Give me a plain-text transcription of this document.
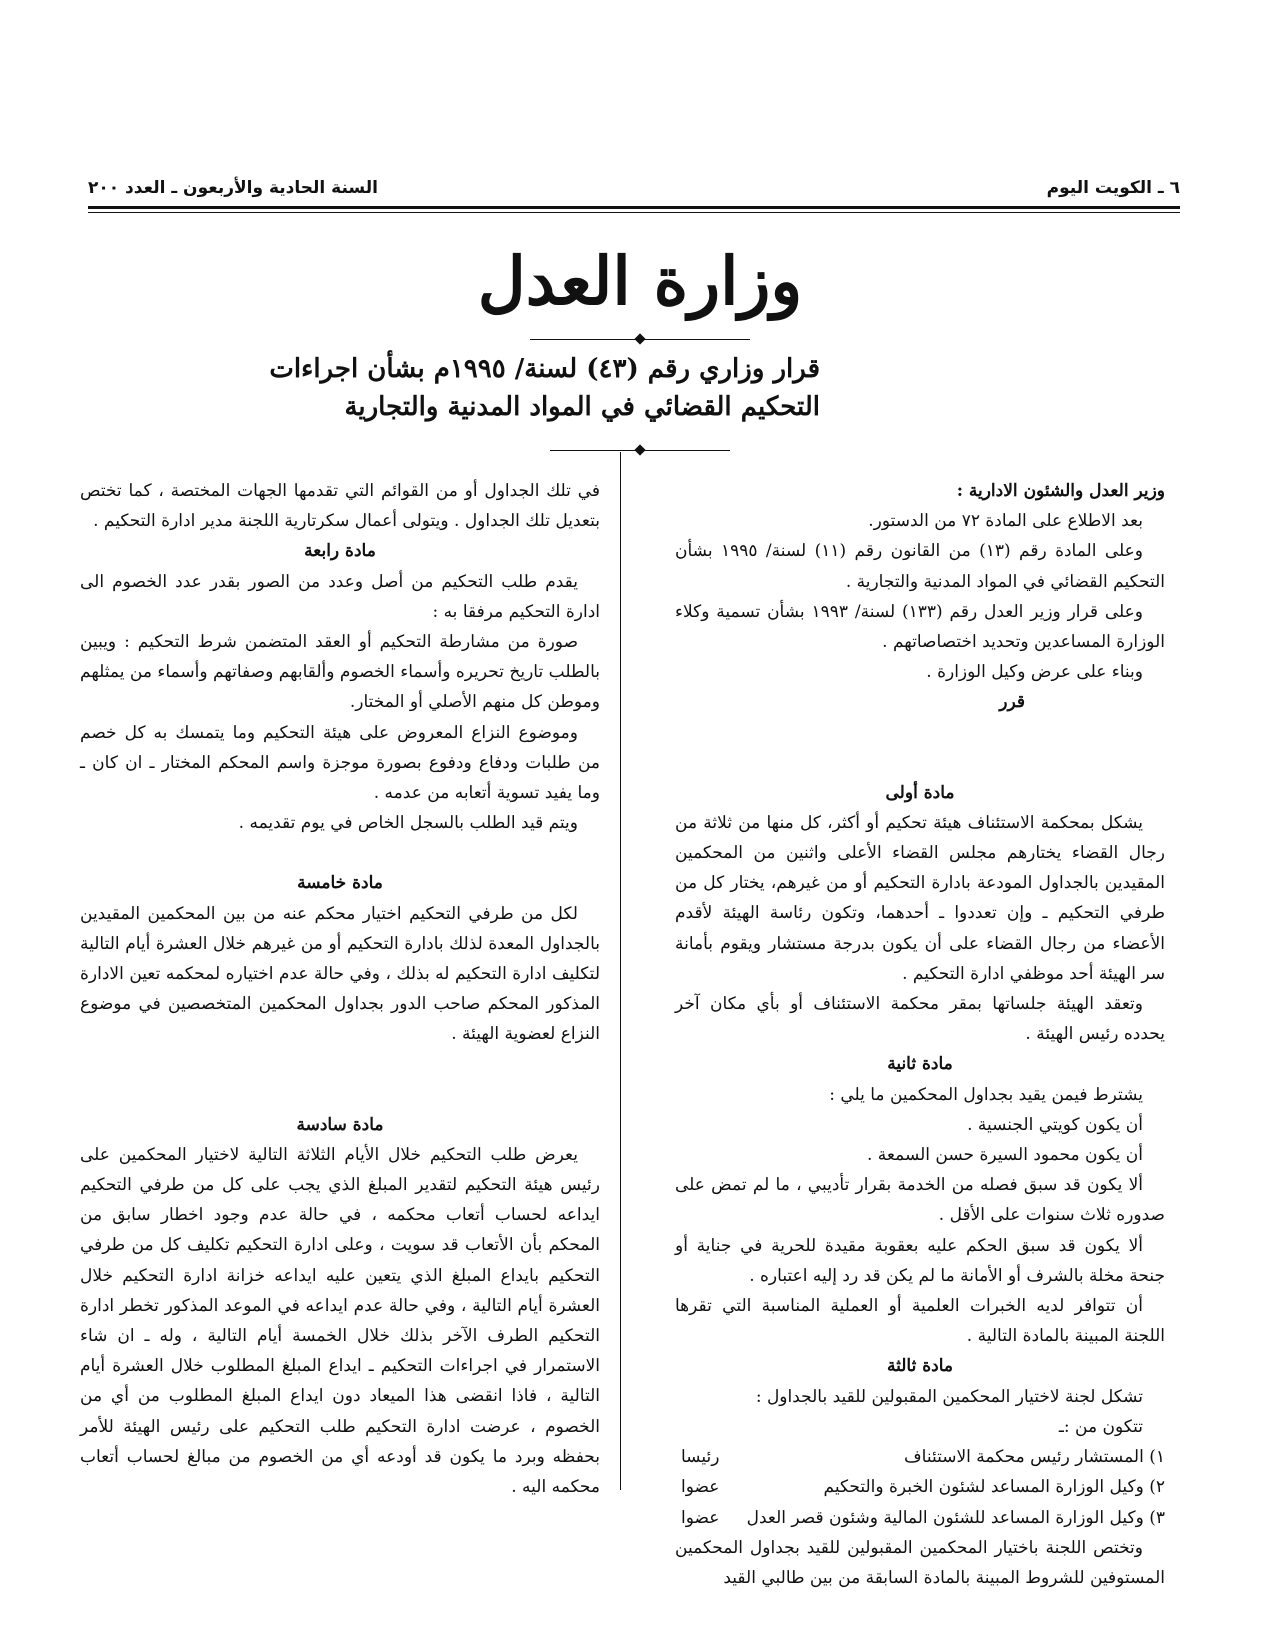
٦ ـ الكويت اليوم
السنة الحادية والأربعون ـ العدد ٢٠٠
وزارة العدل
قرار وزاري رقم (٤٣) لسنة/ ١٩٩٥م بشأن اجراءات
التحكيم القضائي في المواد المدنية والتجارية

وزير العدل والشئون الادارية :

بعد الاطلاع على المادة ٧٢ من الدستور.

وعلى المادة رقم (١٣) من القانون رقم (١١) لسنة/ ١٩٩٥ بشأن التحكيم القضائي في المواد المدنية والتجارية .

وعلى قرار وزير العدل رقم (١٣٣) لسنة/ ١٩٩٣ بشأن تسمية وكلاء الوزارة المساعدين وتحديد اختصاصاتهم .

وبناء على عرض وكيل الوزارة .

قرر

مادة أولى

يشكل بمحكمة الاستئناف هيئة تحكيم أو أكثر، كل منها من ثلاثة من رجال القضاء يختارهم مجلس القضاء الأعلى واثنين من المحكمين المقيدين بالجداول المودعة بادارة التحكيم أو من غيرهم، يختار كل من طرفي التحكيم ـ وإن تعددوا ـ أحدهما، وتكون رئاسة الهيئة لأقدم الأعضاء من رجال القضاء على أن يكون بدرجة مستشار ويقوم بأمانة سر الهيئة أحد موظفي ادارة التحكيم .

وتعقد الهيئة جلساتها بمقر محكمة الاستئناف أو بأي مكان آخر يحدده رئيس الهيئة .

مادة ثانية

يشترط فيمن يقيد بجداول المحكمين ما يلي :

أن يكون كويتي الجنسية .

أن يكون محمود السيرة حسن السمعة .

ألا يكون قد سبق فصله من الخدمة بقرار تأديبي ، ما لم تمض على صدوره ثلاث سنوات على الأقل .

ألا يكون قد سبق الحكم عليه بعقوبة مقيدة للحرية في جناية أو جنحة مخلة بالشرف أو الأمانة ما لم يكن قد رد إليه اعتباره .

أن تتوافر لديه الخبرات العلمية أو العملية المناسبة التي تقرها اللجنة المبينة بالمادة التالية .

مادة ثالثة

تشكل لجنة لاختيار المحكمين المقبولين للقيد بالجداول :

تتكون من :ـ

١) المستشار رئيس محكمة الاستئناف
رئيسا
٢) وكيل الوزارة المساعد لشئون الخبرة والتحكيم
عضوا
٣) وكيل الوزارة المساعد للشئون المالية وشئون قصر العدل
عضوا

وتختص اللجنة باختيار المحكمين المقبولين للقيد بجداول المحكمين المستوفين للشروط المبينة بالمادة السابقة من بين طالبي القيد

في تلك الجداول أو من القوائم التي تقدمها الجهات المختصة ، كما تختص بتعديل تلك الجداول . ويتولى أعمال سكرتارية اللجنة مدير ادارة التحكيم .

مادة رابعة

يقدم طلب التحكيم من أصل وعدد من الصور بقدر عدد الخصوم الى ادارة التحكيم مرفقا به :

صورة من مشارطة التحكيم أو العقد المتضمن شرط التحكيم : ويبين بالطلب تاريخ تحريره وأسماء الخصوم وألقابهم وصفاتهم وأسماء من يمثلهم وموطن كل منهم الأصلي أو المختار.

وموضوع النزاع المعروض على هيئة التحكيم وما يتمسك به كل خصم من طلبات ودفاع ودفوع بصورة موجزة واسم المحكم المختار ـ ان كان ـ وما يفيد تسوية أتعابه من عدمه .

ويتم قيد الطلب بالسجل الخاص في يوم تقديمه .

مادة خامسة

لكل من طرفي التحكيم اختيار محكم عنه من بين المحكمين المقيدين بالجداول المعدة لذلك بادارة التحكيم أو من غيرهم خلال العشرة أيام التالية لتكليف ادارة التحكيم له بذلك ، وفي حالة عدم اختياره لمحكمه تعين الادارة المذكور المحكم صاحب الدور بجداول المحكمين المتخصصين في موضوع النزاع لعضوية الهيئة .

مادة سادسة

يعرض طلب التحكيم خلال الأيام الثلاثة التالية لاختيار المحكمين على رئيس هيئة التحكيم لتقدير المبلغ الذي يجب على كل من طرفي التحكيم ايداعه لحساب أتعاب محكمه ، في حالة عدم وجود اخطار سابق من المحكم بأن الأتعاب قد سويت ، وعلى ادارة التحكيم تكليف كل من طرفي التحكيم بايداع المبلغ الذي يتعين عليه ايداعه خزانة ادارة التحكيم خلال العشرة أيام التالية ، وفي حالة عدم ايداعه في الموعد المذكور تخطر ادارة التحكيم الطرف الآخر بذلك خلال الخمسة أيام التالية ، وله ـ ان شاء الاستمرار في اجراءات التحكيم ـ ايداع المبلغ المطلوب خلال العشرة أيام التالية ، فاذا انقضى هذا الميعاد دون ايداع المبلغ المطلوب من أي من الخصوم ، عرضت ادارة التحكيم طلب التحكيم على رئيس الهيئة للأمر بحفظه وبرد ما يكون قد أودعه أي من الخصوم من مبالغ لحساب أتعاب محكمه اليه .
